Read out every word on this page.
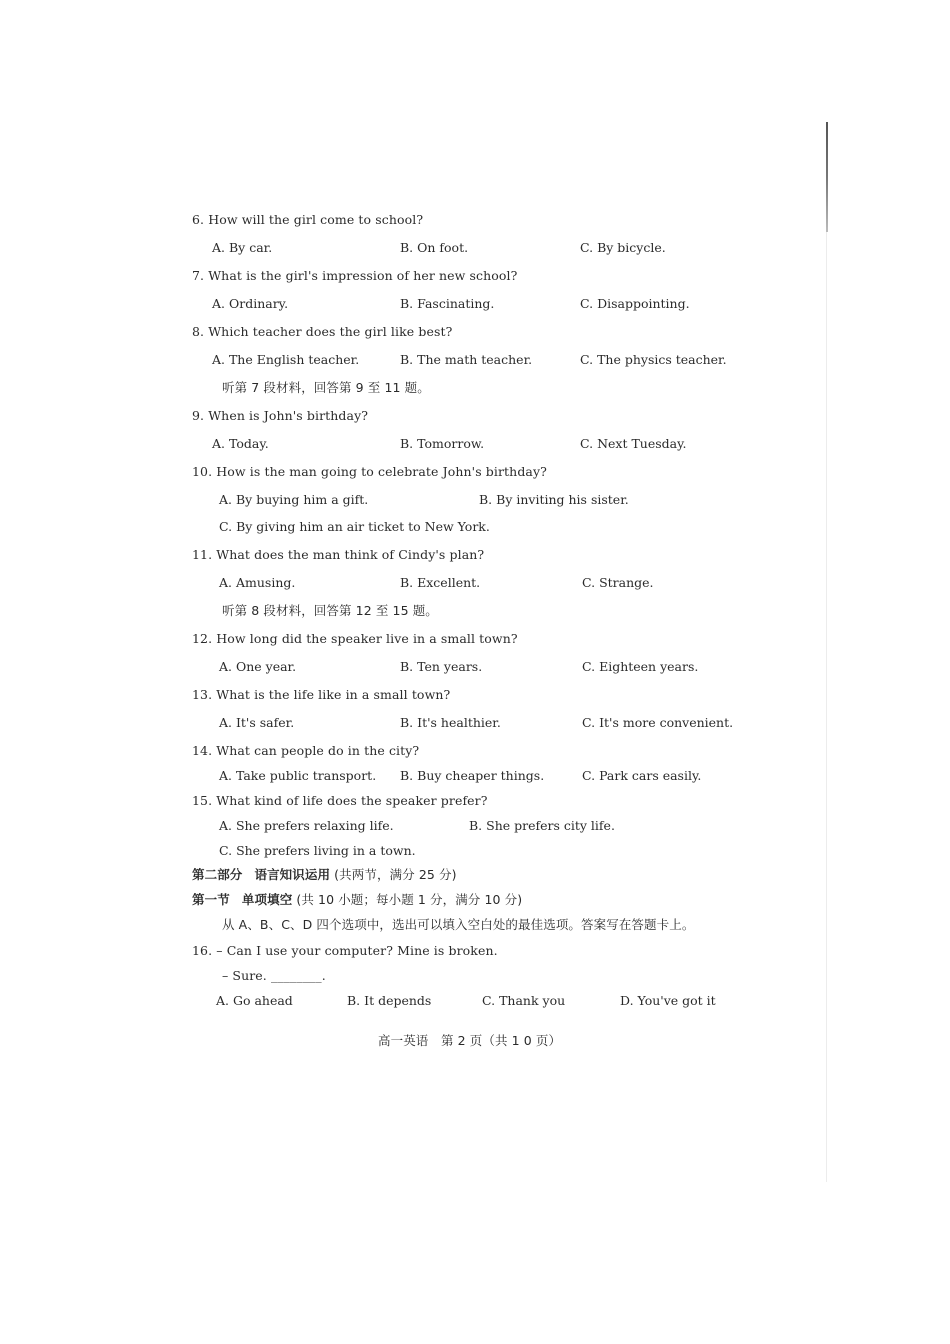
6. How will the girl come to school?
A. By car.	B. On foot.	C. By bicycle.
7. What is the girl's impression of her new school?
A. Ordinary.	B. Fascinating.	C. Disappointing.
8. Which teacher does the girl like best?
A. The English teacher.	B. The math teacher.	C. The physics teacher.
听第 7 段材料，回答第 9 至 11 题。
9. When is John's birthday?
A. Today.	B. Tomorrow.	C. Next Tuesday.
10. How is the man going to celebrate John's birthday?
A. By buying him a gift.	B. By inviting his sister.
C. By giving him an air ticket to New York.
11. What does the man think of Cindy's plan?
A. Amusing.	B. Excellent.	C. Strange.
听第 8 段材料，回答第 12 至 15 题。
12. How long did the speaker live in a small town?
A. One year.	B. Ten years.	C. Eighteen years.
13. What is the life like in a small town?
A. It's safer.	B. It's healthier.	C. It's more convenient.
14. What can people do in the city?
A. Take public transport. B. Buy cheaper things.	C. Park cars easily.
15. What kind of life does the speaker prefer?
A. She prefers relaxing life.	B. She prefers city life.
C. She prefers living in a town.
第二部分 语言知识运用 (共两节，满分 25 分)
第一节 单项填空 (共 10 小题；每小题 1 分，满分 10 分)
从 A、B、C、D 四个选项中，选出可以填入空白处的最佳选项。答案写在答题卡上。
16. – Can I use your computer? Mine is broken.
– Sure. ________.
A. Go ahead	B. It depends	C. Thank you	D. You've got it
高一英语　第 2 页（共 1 0 页）
